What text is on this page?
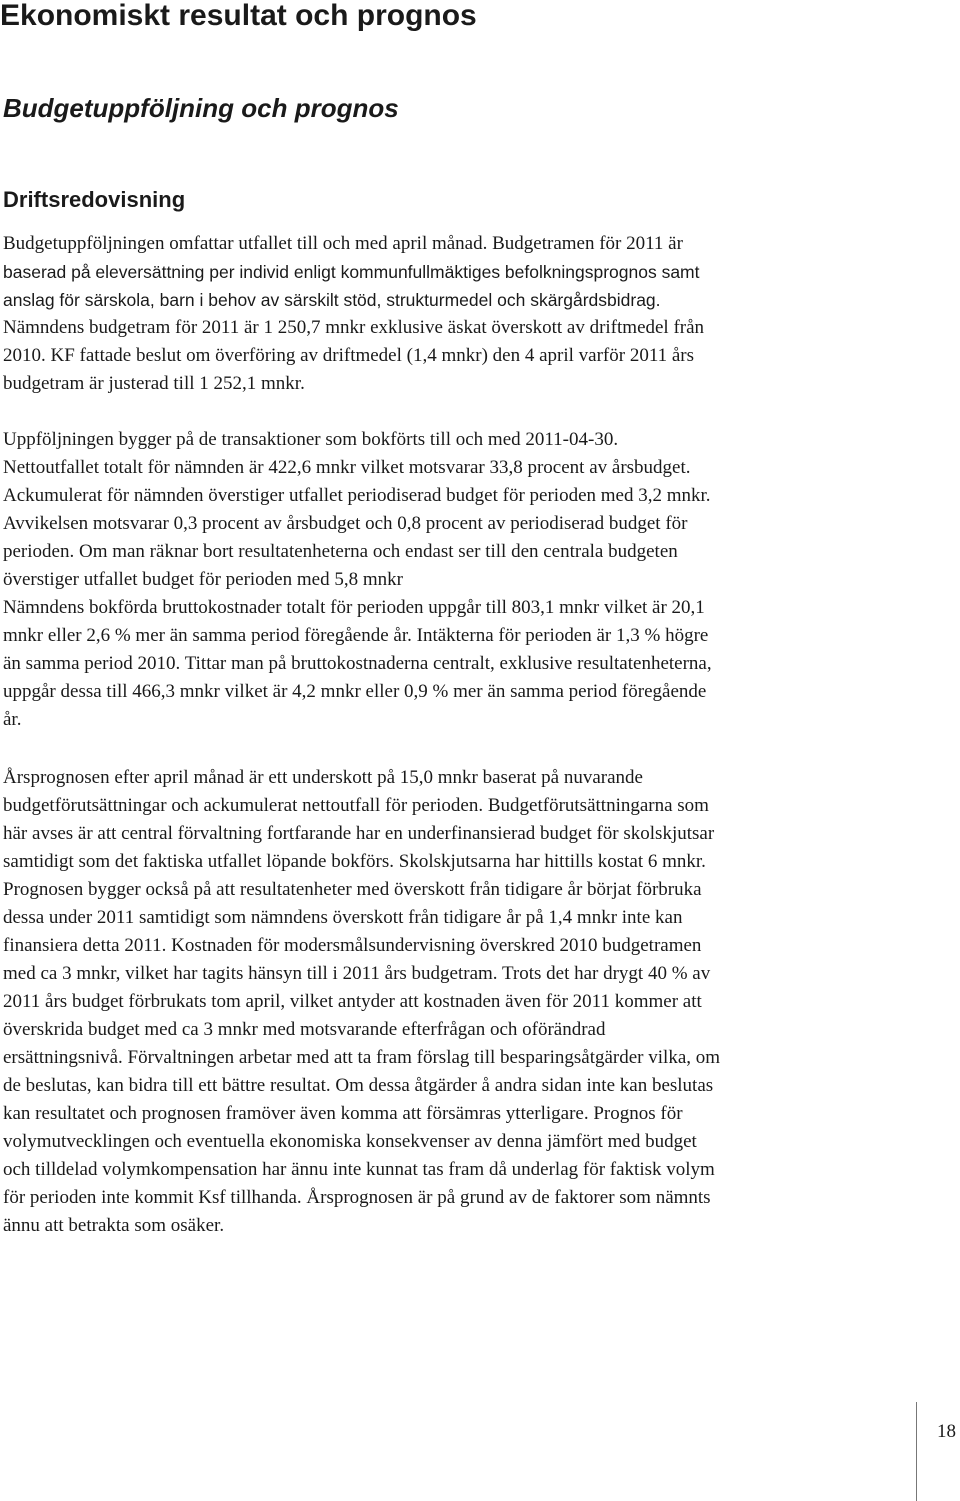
Ekonomiskt resultat och prognos
Budgetuppföljning och prognos
Driftsredovisning

Budgetuppföljningen omfattar utfallet till och med april månad. Budgetramen för 2011 är

baserad på eleversättning per individ enligt kommunfullmäktiges befolkningsprognos samt

anslag för särskola, barn i behov av särskilt stöd, strukturmedel och skärgårdsbidrag.

Nämndens budgetram för 2011 är 1 250,7 mnkr exklusive äskat överskott av driftmedel från

2010. KF fattade beslut om överföring av driftmedel (1,4 mnkr) den 4 april varför 2011 års

budgetram är justerad till 1 252,1 mnkr.

Uppföljningen bygger på de transaktioner som bokförts till och med 2011-04-30.

Nettoutfallet totalt för nämnden är 422,6 mnkr vilket motsvarar 33,8 procent av årsbudget.

Ackumulerat för nämnden överstiger utfallet periodiserad budget för perioden med 3,2 mnkr.

Avvikelsen motsvarar 0,3 procent av årsbudget och 0,8 procent av periodiserad budget för

perioden. Om man räknar bort resultatenheterna och endast ser till den centrala budgeten

överstiger utfallet budget för perioden med 5,8 mnkr

Nämndens bokförda bruttokostnader totalt för perioden uppgår till 803,1 mnkr vilket är 20,1

mnkr eller 2,6 % mer än samma period föregående år. Intäkterna för perioden är 1,3 % högre

än samma period 2010. Tittar man på bruttokostnaderna centralt, exklusive resultatenheterna,

uppgår dessa till 466,3 mnkr vilket är 4,2 mnkr eller 0,9 % mer än samma period föregående

år.

Årsprognosen efter april månad är ett underskott på 15,0 mnkr baserat på nuvarande

budgetförutsättningar och ackumulerat nettoutfall för perioden. Budgetförutsättningarna som

här avses är att central förvaltning fortfarande har en underfinansierad budget för skolskjutsar

samtidigt som det faktiska utfallet löpande bokförs. Skolskjutsarna har hittills kostat 6 mnkr.

Prognosen bygger också på att resultatenheter med överskott från tidigare år börjat förbruka

dessa under 2011 samtidigt som nämndens överskott från tidigare år på 1,4 mnkr inte kan

finansiera detta 2011. Kostnaden för modersmålsundervisning överskred 2010 budgetramen

med ca 3 mnkr, vilket har tagits hänsyn till i 2011 års budgetram. Trots det har drygt 40 % av

2011 års budget förbrukats tom april, vilket antyder att kostnaden även för 2011 kommer att

överskrida budget med ca 3 mnkr med motsvarande efterfrågan och oförändrad

ersättningsnivå. Förvaltningen arbetar med att ta fram förslag till besparingsåtgärder vilka, om

de beslutas, kan bidra till ett bättre resultat. Om dessa åtgärder å andra sidan inte kan beslutas

kan resultatet och prognosen framöver även komma att försämras ytterligare. Prognos för

volymutvecklingen och eventuella ekonomiska konsekvenser av denna jämfört med budget

och tilldelad volymkompensation har ännu inte kunnat tas fram då underlag för faktisk volym

för perioden inte kommit Ksf tillhanda. Årsprognosen är på grund av de faktorer som nämnts

ännu att betrakta som osäker.

18
